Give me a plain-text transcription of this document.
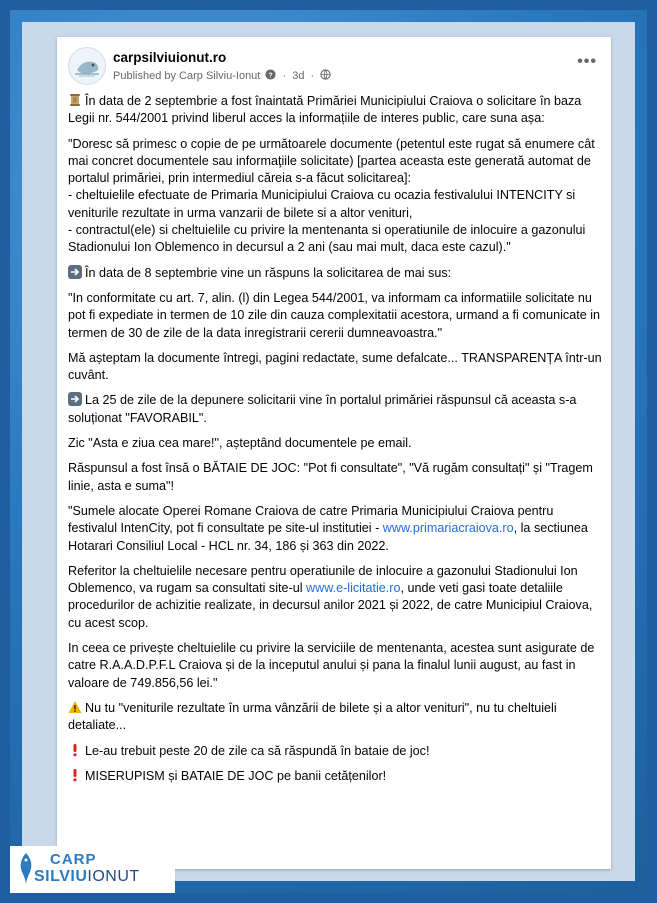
carpsilviuionut.ro
Published by Carp Silviu-Ionut ? · 3d ·
•••

În data de 2 septembrie a fost înaintată Primăriei Municipiului Craiova o solicitare în baza Legii nr. 544/2001 privind liberul acces la informațiile de interes public, care suna așa:

"Doresc să primesc o copie de pe următoarele documente (petentul este rugat să enumere cât mai concret documentele sau informaţiile solicitate) [partea aceasta este generată automat de portalul primăriei, prin intermediul căreia s-a făcut solicitarea]:
- cheltuielile efectuate de Primaria Municipiului Craiova cu ocazia festivalului INTENCITY si veniturile rezultate in urma vanzarii de bilete si a altor venituri,
- contractul(ele) si cheltuielile cu privire la mentenanta si operatiunile de inlocuire a gazonului Stadionului Ion Oblemenco in decursul a 2 ani (sau mai mult, daca este cazul)."

În data de 8 septembrie vine un răspuns la solicitarea de mai sus:

"In conformitate cu art. 7, alin. (l) din Legea 544/2001, va informam ca informatiile solicitate nu pot fi expediate in termen de 10 zile din cauza complexitatii acestora, urmand a fi comunicate in termen de 30 de zile de la data inregistrarii cererii dumneavoastra."

Mă așteptam la documente întregi, pagini redactate, sume defalcate... TRANSPARENȚA într-un cuvânt.

La 25 de zile de la depunere solicitarii vine în portalul primăriei răspunsul că aceasta s-a soluționat "FAVORABIL".

Zic "Asta e ziua cea mare!", așteptând documentele pe email.

Răspunsul a fost însă o BĂTAIE DE JOC: "Pot fi consultate", "Vă rugăm consultați" și "Tragem linie, asta e suma"!

"Sumele alocate Operei Romane Craiova de catre Primaria Municipiului Craiova pentru festivalul IntenCity, pot fi consultate pe site-ul institutiei - www.primariacraiova.ro, la sectiunea Hotarari Consiliul Local - HCL nr. 34, 186 și 363 din 2022.

Referitor la cheltuielile necesare pentru operatiunile de inlocuire a gazonului Stadionului Ion Oblemenco, va rugam sa consultati site-ul www.e-licitatie.ro, unde veti gasi toate detaliile procedurilor de achizitie realizate, in decursul anilor 2021 și 2022, de catre Municipiul Craiova, cu acest scop.

In ceea ce privește cheltuielile cu privire la serviciile de mentenanta, acestea sunt asigurate de catre R.A.A.D.P.F.L Craiova și de la inceputul anului și pana la finalul lunii august, au fast in valoare de 749.856,56 lei."

Nu tu "veniturile rezultate în urma vânzării de bilete și a altor venituri", nu tu cheltuieli detaliate...

Le-au trebuit peste 20 de zile ca să răspundă în bataie de joc!

MISERUPISM și BATAIE DE JOC pe banii cetățenilor!

CARP
SILVIUIONUT
